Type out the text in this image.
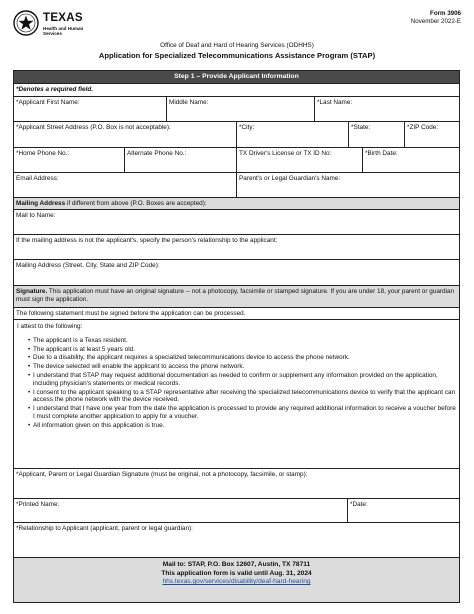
TEXAS
Health and Human
Services
Form 3906
November 2022-E
Office of Deaf and Hard of Hearing Services (ODHHS)
Application for Specialized Telecommunications Assistance Program (STAP)
Step 1 – Provide Applicant Information
*Denotes a required field.
*Applicant First Name:	Middle Name:	*Last Name:
*Applicant Street Address (P.O. Box is not acceptable):	*City:	*State:	*ZIP Code:
*Home Phone No.:	Alternate Phone No.:	TX Driver's License or TX ID No:	*Birth Date:
Email Address:	Parent's or Legal Guardian's Name:
Mailing Address if different from above (P.O. Boxes are accepted):
Mail to Name:
If the mailing address is not the applicant's, specify the person's relationship to the applicant:
Mailing Address (Street, City, State and ZIP Code):
Signature. This application must have an original signature -- not a photocopy, facsimile or stamped signature. If you are under 18, your parent or guardian must sign the application.
The following statement must be signed before the application can be processed.
I attest to the following:
• The applicant is a Texas resident.
• The applicant is at least 5 years old.
• Due to a disability, the applicant requires a specialized telecommunications device to access the phone network.
• The device selected will enable the applicant to access the phone network.
• I understand that STAP may request additional documentation as needed to confirm or supplement any information provided on the application, including physician's statements or medical records.
• I consent to the applicant speaking to a STAP representative after receiving the specialized telecommunications device to verify that the applicant can access the phone network with the device received.
• I understand that I have one year from the date the application is processed to provide any required additional information to receive a voucher before I must complete another application to apply for a voucher.
• All information given on this application is true.
*Applicant, Parent or Legal Guardian Signature (must be original, not a photocopy, facsimile, or stamp):
*Printed Name:	*Date:
*Relationship to Applicant (applicant, parent or legal guardian):
Mail to: STAP, P.O. Box 12607, Austin, TX 78711
This application form is valid until Aug. 31, 2024
hhs.texas.gov/services/disability/deaf-hard-hearing
